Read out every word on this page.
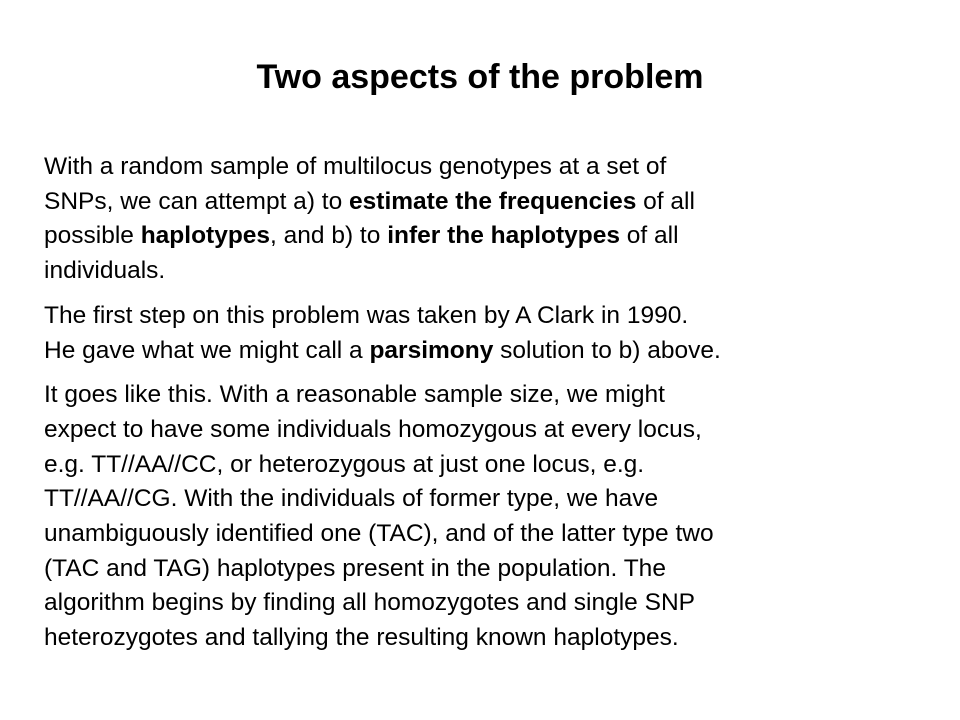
Two aspects of the problem

With a random sample of multilocus genotypes at a set of
SNPs, we can attempt a) to estimate the frequencies of all
possible haplotypes, and b) to infer the haplotypes of all
individuals.

The first step on this problem was taken by A Clark in 1990.
He gave what we might call a parsimony solution to b) above.

It goes like this. With a reasonable sample size, we might
expect to have some individuals homozygous at every locus,
e.g. TT//AA//CC, or heterozygous at just one locus, e.g.
TT//AA//CG. With the individuals of former type, we have
unambiguously identified one (TAC), and of the latter type two
(TAC and TAG) haplotypes present in the population. The
algorithm begins by finding all homozygotes and single SNP
heterozygotes and tallying the resulting known haplotypes.
